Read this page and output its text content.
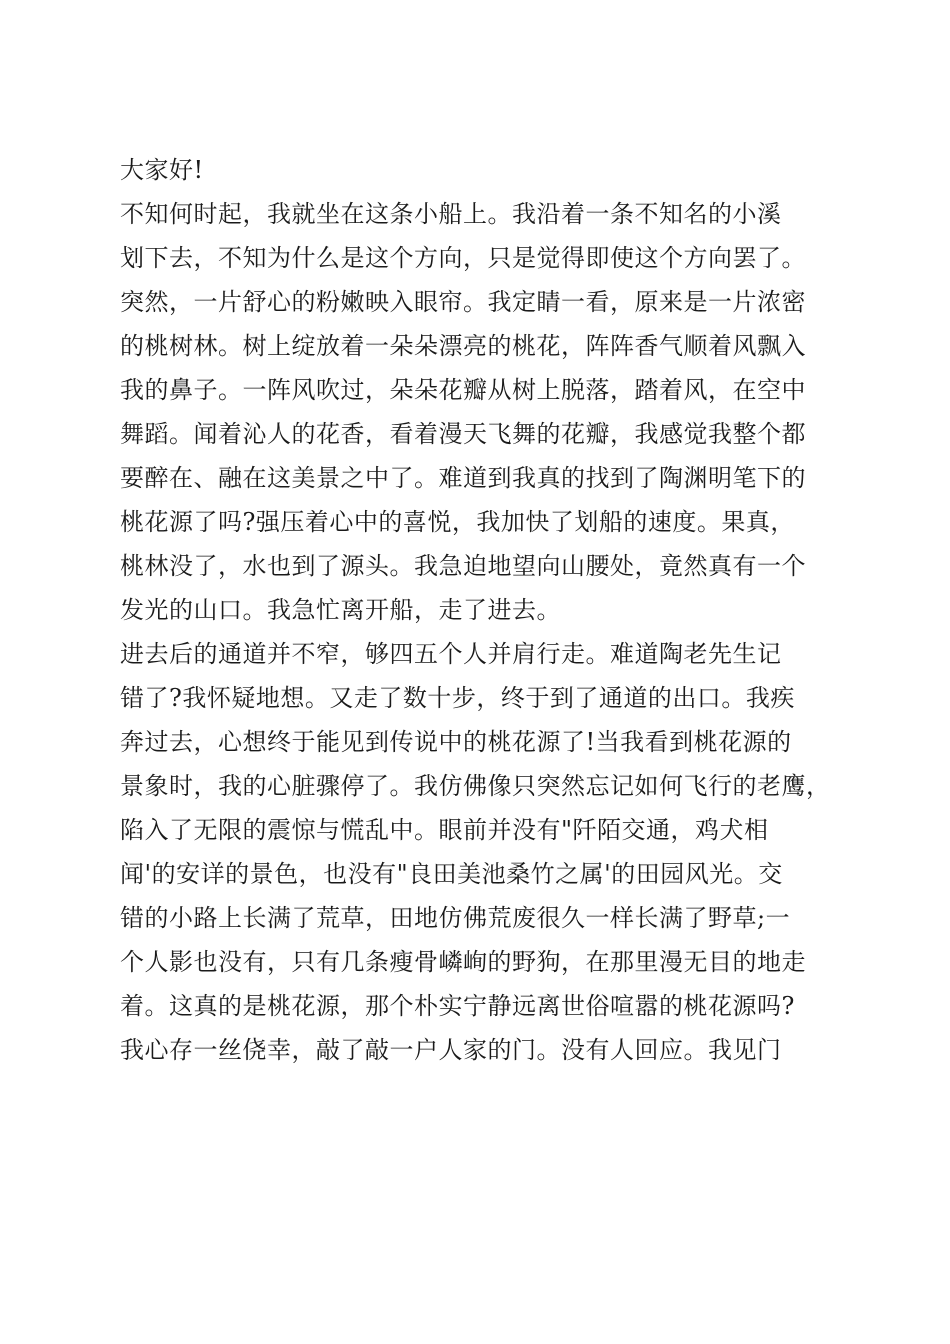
大家好!
不知何时起，我就坐在这条小船上。我沿着一条不知名的小溪
划下去，不知为什么是这个方向，只是觉得即使这个方向罢了。
突然，一片舒心的粉嫩映入眼帘。我定睛一看，原来是一片浓密
的桃树林。树上绽放着一朵朵漂亮的桃花，阵阵香气顺着风飘入
我的鼻子。一阵风吹过，朵朵花瓣从树上脱落，踏着风，在空中
舞蹈。闻着沁人的花香，看着漫天飞舞的花瓣，我感觉我整个都
要醉在、融在这美景之中了。难道到我真的找到了陶渊明笔下的
桃花源了吗?强压着心中的喜悦，我加快了划船的速度。果真，
桃林没了，水也到了源头。我急迫地望向山腰处，竟然真有一个
发光的山口。我急忙离开船，走了进去。
进去后的通道并不窄，够四五个人并肩行走。难道陶老先生记
错了?我怀疑地想。又走了数十步，终于到了通道的出口。我疾
奔过去，心想终于能见到传说中的桃花源了!当我看到桃花源的
景象时，我的心脏骤停了。我仿佛像只突然忘记如何飞行的老鹰，
陷入了无限的震惊与慌乱中。眼前并没有"阡陌交通，鸡犬相
闻'的安详的景色，也没有"良田美池桑竹之属'的田园风光。交
错的小路上长满了荒草，田地仿佛荒废很久一样长满了野草;一
个人影也没有，只有几条瘦骨嶙峋的野狗，在那里漫无目的地走
着。这真的是桃花源，那个朴实宁静远离世俗喧嚣的桃花源吗?
我心存一丝侥幸，敲了敲一户人家的门。没有人回应。我见门
